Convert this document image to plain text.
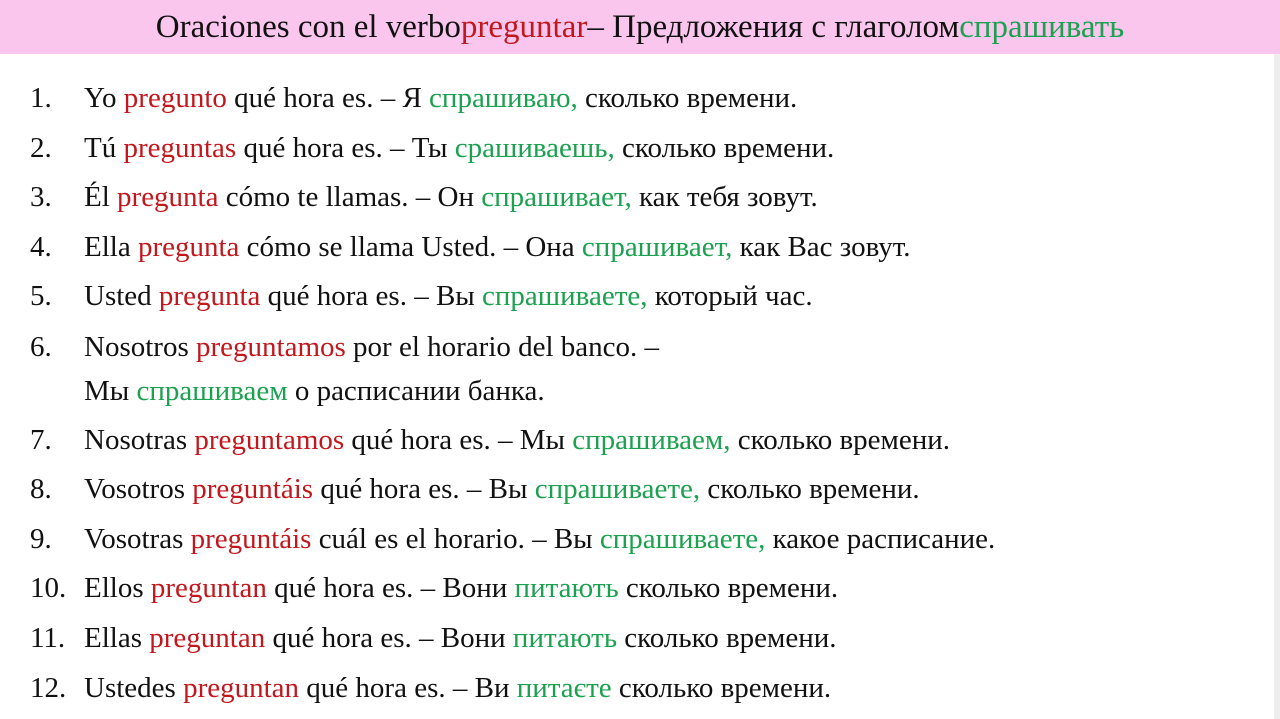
Oraciones con el verbo preguntar – Предложения с глаголом спрашивать
1.	Yo pregunto qué hora es. – Я спрашиваю, сколько времени.
2.	Tú preguntas qué hora es. – Ты срашиваешь, сколько времени.
3.	Él pregunta cómo te llamas. – Он спрашивает, как тебя зовут.
4.	Ella pregunta cómo se llama Usted. – Она спрашивает, как Вас зовут.
5.	Usted pregunta qué hora es. – Вы спрашиваете, который час.
6.	Nosotros preguntamos por el horario del banco. –
Мы спрашиваем о расписании банка.
7.	Nosotras preguntamos qué hora es. – Мы спрашиваем, сколько времени.
8.	Vosotros preguntáis qué hora es. – Вы спрашиваете, сколько времени.
9.	Vosotras preguntáis cuál es el horario. – Вы спрашиваете, какое расписание.
10. Ellos preguntan qué hora es. – Вони питають сколько времени.
11. Ellas preguntan qué hora es. – Вони питають сколько времени.
12. Ustedes preguntan qué hora es. – Ви питаєте сколько времени.
